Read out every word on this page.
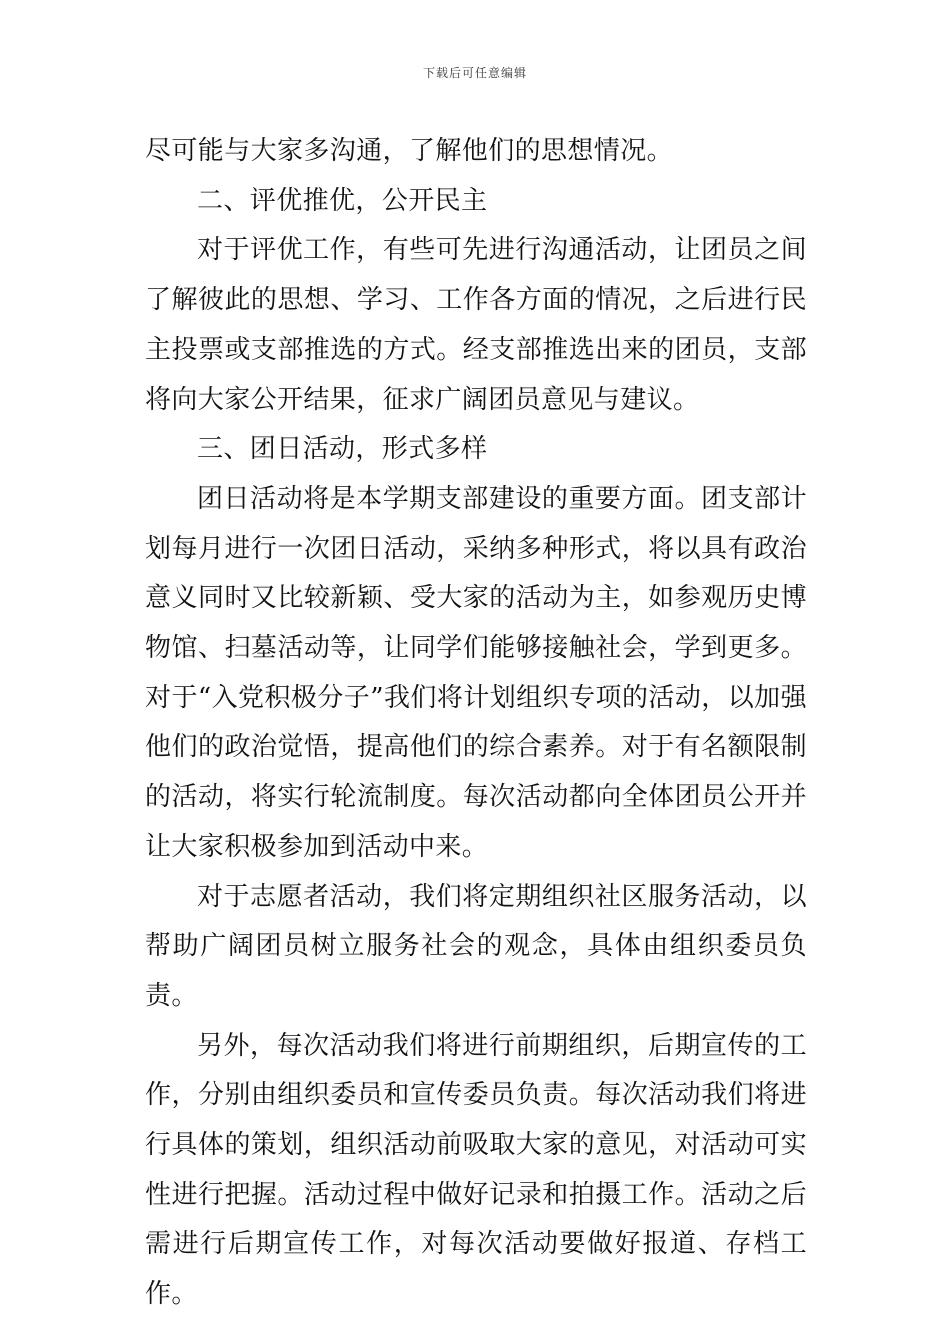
下载后可任意编辑

尽可能与大家多沟通，了解他们的思想情况。

二、评优推优，公开民主

对于评优工作，有些可先进行沟通活动，让团员之间了解彼此的思想、学习、工作各方面的情况，之后进行民主投票或支部推选的方式。经支部推选出来的团员，支部将向大家公开结果，征求广阔团员意见与建议。

三、团日活动，形式多样

团日活动将是本学期支部建设的重要方面。团支部计划每月进行一次团日活动，采纳多种形式，将以具有政治意义同时又比较新颖、受大家的活动为主，如参观历史博物馆、扫墓活动等，让同学们能够接触社会，学到更多。对于“入党积极分子”我们将计划组织专项的活动，以加强他们的政治觉悟，提高他们的综合素养。对于有名额限制的活动，将实行轮流制度。每次活动都向全体团员公开并让大家积极参加到活动中来。

对于志愿者活动，我们将定期组织社区服务活动，以帮助广阔团员树立服务社会的观念，具体由组织委员负责。

另外，每次活动我们将进行前期组织，后期宣传的工作，分别由组织委员和宣传委员负责。每次活动我们将进行具体的策划，组织活动前吸取大家的意见，对活动可实性进行把握。活动过程中做好记录和拍摄工作。活动之后需进行后期宣传工作，对每次活动要做好报道、存档工作。
